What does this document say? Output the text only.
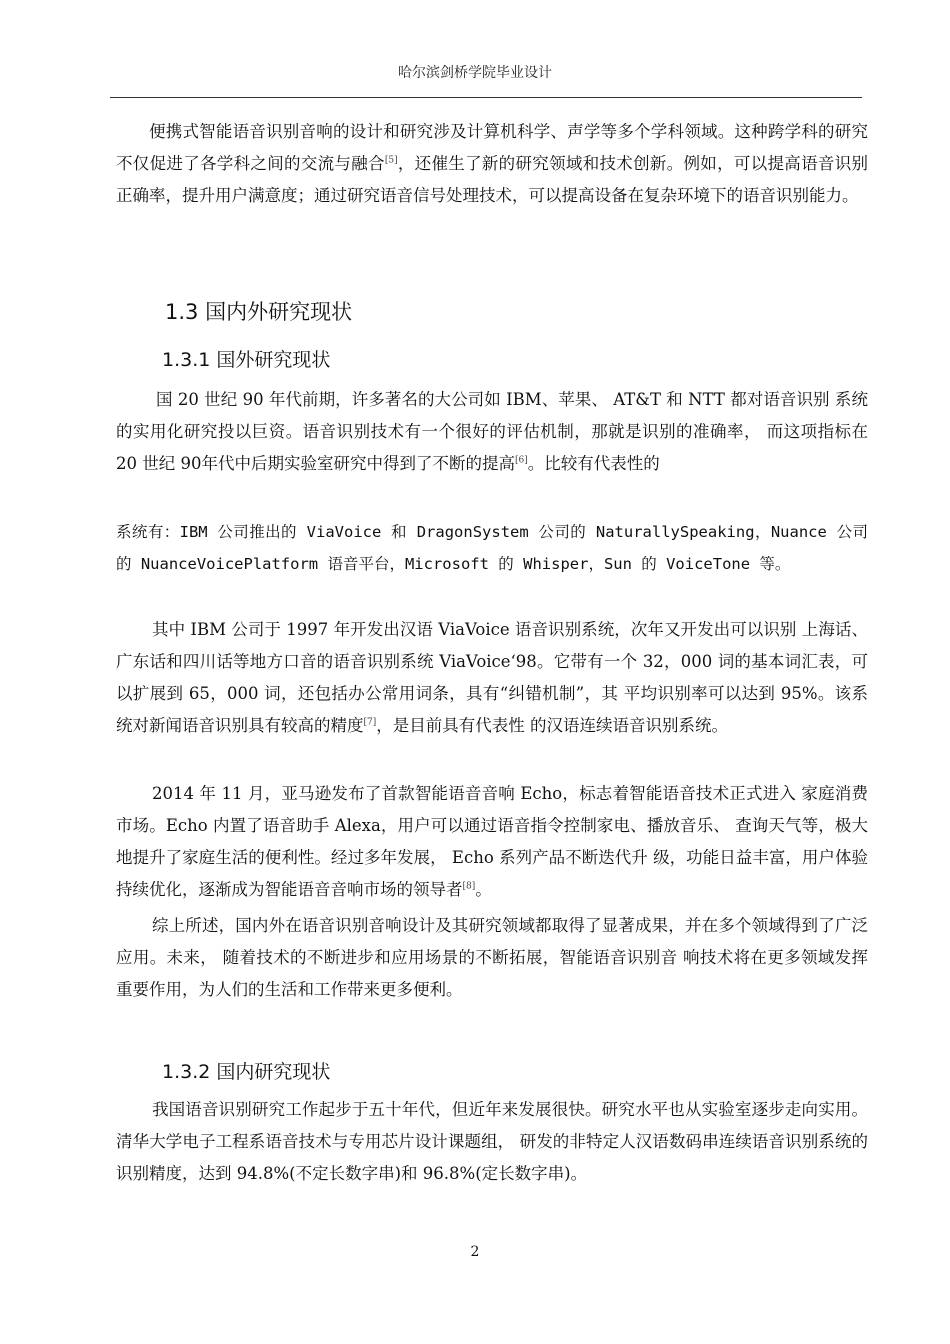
哈尔滨剑桥学院毕业设计

便携式智能语音识别音响的设计和研究涉及计算机科学、声学等多个学科领域。这种跨学科的研究不仅促进了各学科之间的交流与融合[5]，还催生了新的研究领域和技术创新。例如，可以提高语音识别正确率，提升用户满意度；通过研究语音信号处理技术，可以提高设备在复杂环境下的语音识别能力。

1.3 国内外研究现状
1.3.1 国外研究现状

国 20 世纪 90 年代前期，许多著名的大公司如 IBM、苹果、 AT&T 和 NTT 都对语音识别 系统的实用化研究投以巨资。语音识别技术有一个很好的评估机制，那就是识别的准确率， 而这项指标在 20 世纪 90年代中后期实验室研究中得到了不断的提高[6]。比较有代表性的

系统有：IBM 公司推出的 ViaVoice 和 DragonSystem 公司的 NaturallySpeaking，Nuance 公司的 NuanceVoicePlatform 语音平台，Microsoft 的 Whisper，Sun 的 VoiceTone 等。

其中 IBM 公司于 1997 年开发出汉语 ViaVoice 语音识别系统，次年又开发出可以识别 上海话、广东话和四川话等地方口音的语音识别系统 ViaVoice‘98。它带有一个 32，000 词的基本词汇表，可以扩展到 65，000 词，还包括办公常用词条，具有“纠错机制”，其 平均识别率可以达到 95%。该系统对新闻语音识别具有较高的精度[7]，是目前具有代表性 的汉语连续语音识别系统。

2014 年 11 月，亚马逊发布了首款智能语音音响 Echo，标志着智能语音技术正式进入 家庭消费市场。Echo 内置了语音助手 Alexa，用户可以通过语音指令控制家电、播放音乐、 查询天气等，极大地提升了家庭生活的便利性。经过多年发展， Echo 系列产品不断迭代升 级，功能日益丰富，用户体验持续优化，逐渐成为智能语音音响市场的领导者[8]。

综上所述，国内外在语音识别音响设计及其研究领域都取得了显著成果，并在多个领域得到了广泛应用。未来， 随着技术的不断进步和应用场景的不断拓展，智能语音识别音 响技术将在更多领域发挥重要作用，为人们的生活和工作带来更多便利。

1.3.2 国内研究现状

我国语音识别研究工作起步于五十年代，但近年来发展很快。研究水平也从实验室逐步走向实用。清华大学电子工程系语音技术与专用芯片设计课题组， 研发的非特定人汉语数码串连续语音识别系统的识别精度，达到 94.8%(不定长数字串)和 96.8%(定长数字串)。

2
